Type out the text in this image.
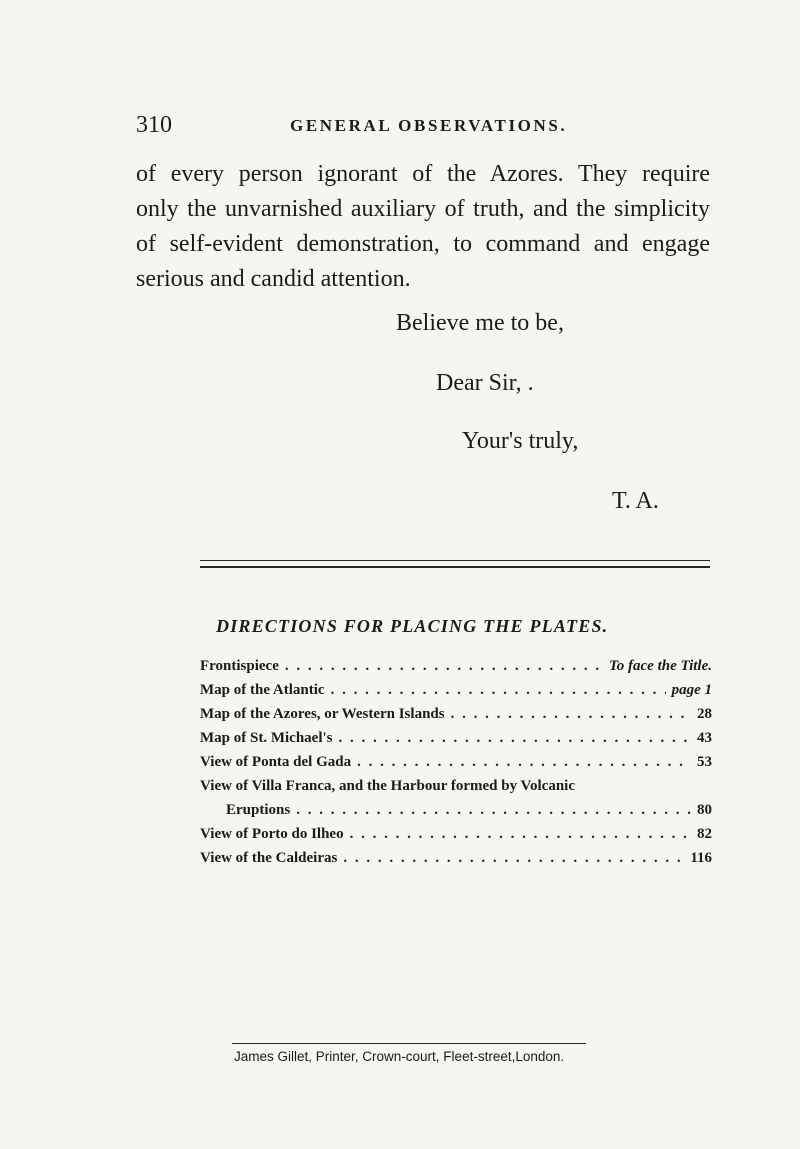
310	GENERAL OBSERVATIONS.
of every person ignorant of the Azores. They require
only the unvarnished auxiliary of truth, and the simplicity
of self-evident demonstration, to command and engage
serious and candid attention.
Believe me to be,
Dear Sir, .
Your's truly,
T. A.
DIRECTIONS FOR PLACING THE PLATES.
Frontispiece . . .	To face the Title.
Map of the Atlantic . . .	page 1
Map of the Azores, or Western Islands . . .	28
Map of St. Michael's . . .	43
View of Ponta del Gada . . .	53
View of Villa Franca, and the Harbour formed by Volcanic
Eruptions . . .	80
View of Porto do Ilheo . . .	82
View of the Caldeiras . . .	116
James Gillet, Printer, Crown-court, Fleet-street,London.
